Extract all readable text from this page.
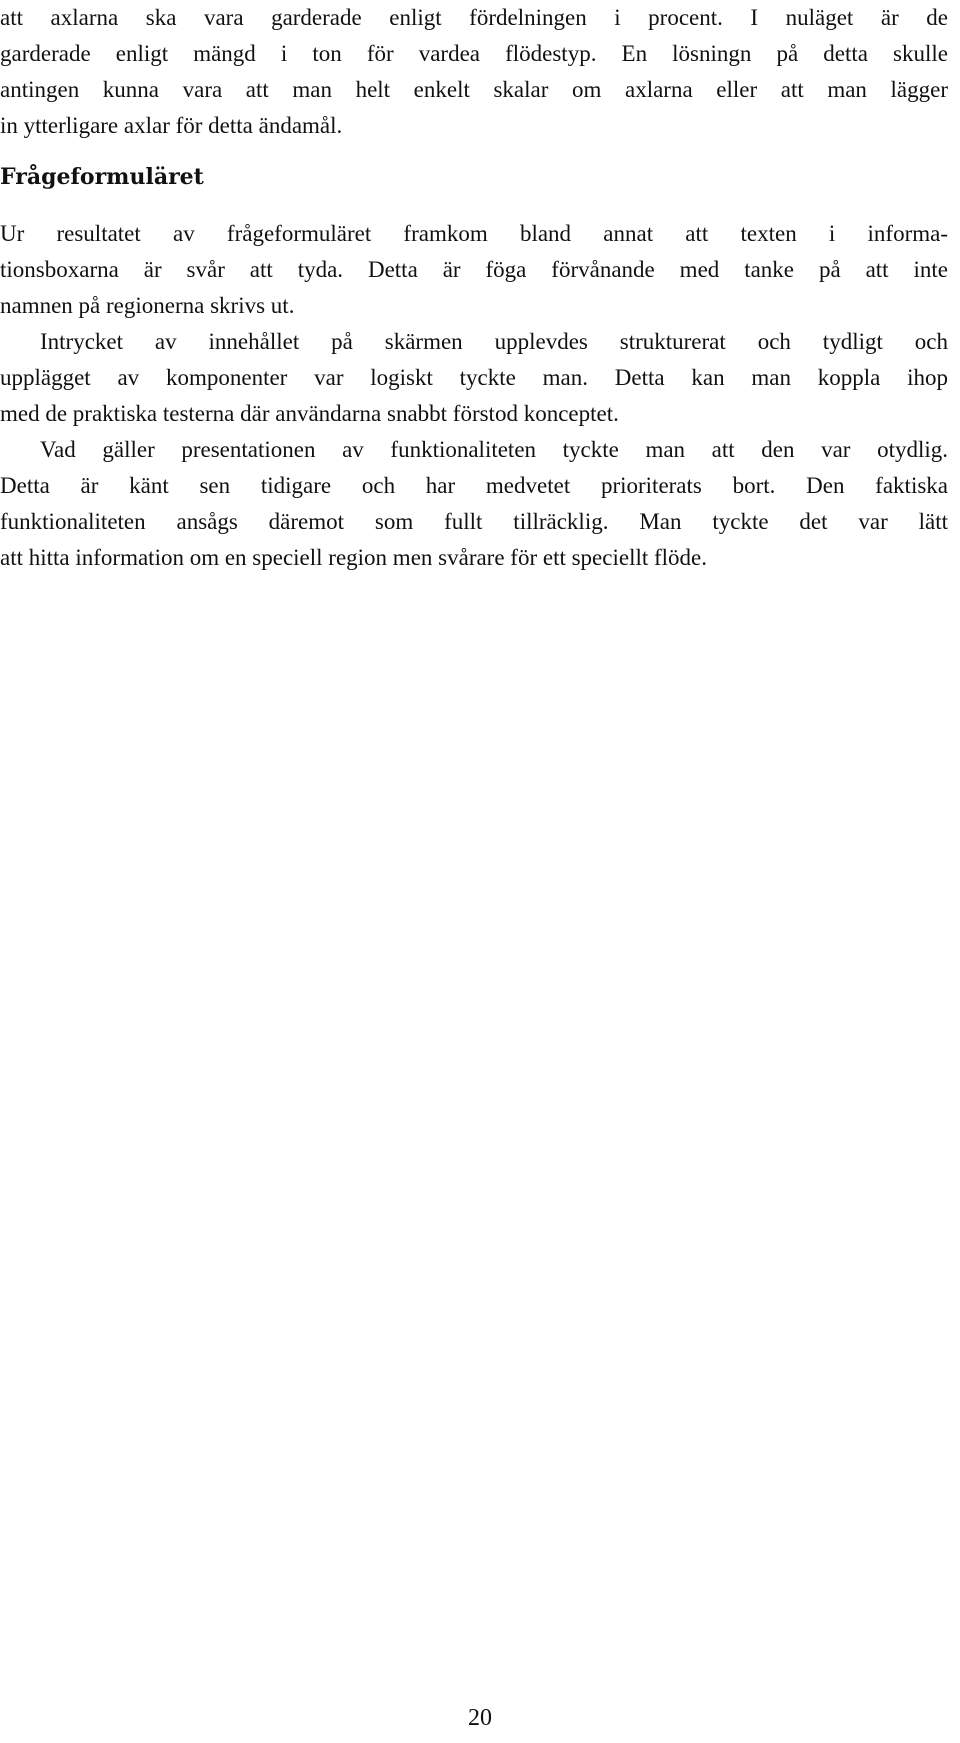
att axlarna ska vara garderade enligt fördelningen i procent. I nuläget är de
garderade enligt mängd i ton för vardea flödestyp. En lösningn på detta skulle
antingen kunna vara att man helt enkelt skalar om axlarna eller att man lägger
in ytterligare axlar för detta ändamål.
Frågeformuläret
Ur resultatet av frågeformuläret framkom bland annat att texten i informa-
tionsboxarna är svår att tyda. Detta är föga förvånande med tanke på att inte
namnen på regionerna skrivs ut.
Intrycket av innehållet på skärmen upplevdes strukturerat och tydligt och
upplägget av komponenter var logiskt tyckte man. Detta kan man koppla ihop
med de praktiska testerna där användarna snabbt förstod konceptet.
Vad gäller presentationen av funktionaliteten tyckte man att den var otydlig.
Detta är känt sen tidigare och har medvetet prioriterats bort. Den faktiska
funktionaliteten ansågs däremot som fullt tillräcklig. Man tyckte det var lätt
att hitta information om en speciell region men svårare för ett speciellt flöde.
20
